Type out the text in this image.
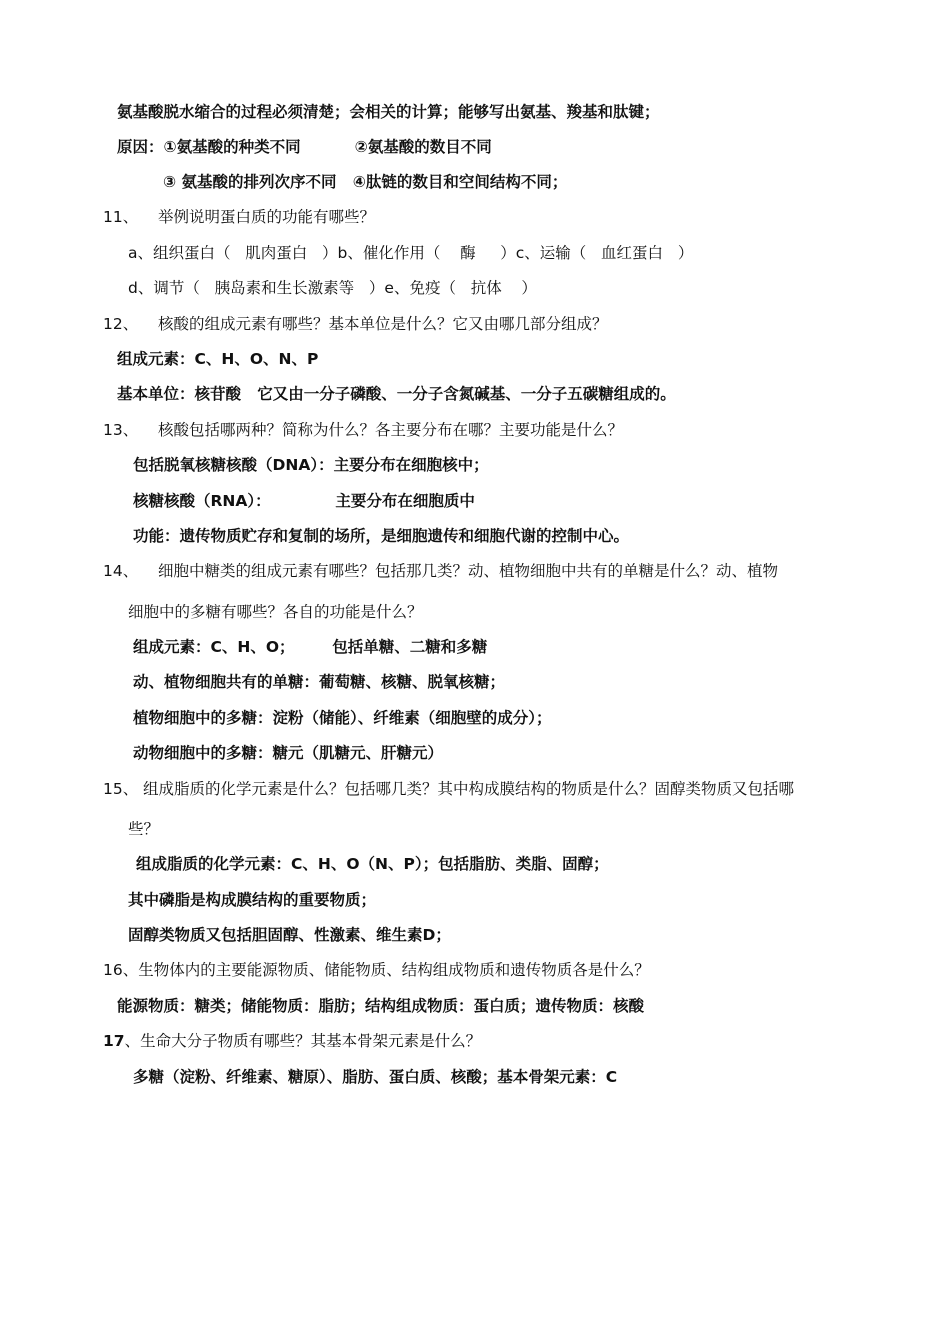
氨基酸脱水缩合的过程必须清楚；会相关的计算；能够写出氨基、羧基和肽键；
原因：①氨基酸的种类不同          ②氨基酸的数目不同
③ 氨基酸的排列次序不同   ④肽链的数目和空间结构不同；
11、 举例说明蛋白质的功能有哪些？
a、组织蛋白（   肌肉蛋白   ）b、催化作用（    酶     ）c、运输（   血红蛋白   ）
d、调节（   胰岛素和生长激素等   ）e、免疫（   抗体    ）
12、 核酸的组成元素有哪些？基本单位是什么？它又由哪几部分组成？
组成元素：C、H、O、N、P
基本单位：核苷酸   它又由一分子磷酸、一分子含氮碱基、一分子五碳糖组成的。
13、 核酸包括哪两种？简称为什么？各主要分布在哪？主要功能是什么？
包括脱氧核糖核酸（DNA）：主要分布在细胞核中；
核糖核酸（RNA）：            主要分布在细胞质中
功能：遗传物质贮存和复制的场所，是细胞遗传和细胞代谢的控制中心。
14、 细胞中糖类的组成元素有哪些？包括那几类？动、植物细胞中共有的单糖是什么？动、植物
细胞中的多糖有哪些？各自的功能是什么？
组成元素：C、H、O；       包括单糖、二糖和多糖
动、植物细胞共有的单糖：葡萄糖、核糖、脱氧核糖；
植物细胞中的多糖：淀粉（储能）、纤维素（细胞壁的成分）；
动物细胞中的多糖：糖元（肌糖元、肝糖元）
15、 组成脂质的化学元素是什么？包括哪几类？其中构成膜结构的物质是什么？固醇类物质又包括哪
些？
组成脂质的化学元素：C、H、O（N、P）；包括脂肪、类脂、固醇；
其中磷脂是构成膜结构的重要物质；
固醇类物质又包括胆固醇、性激素、维生素D；
16、生物体内的主要能源物质、储能物质、结构组成物质和遗传物质各是什么？
能源物质：糖类；储能物质：脂肪；结构组成物质：蛋白质；遗传物质：核酸
17、生命大分子物质有哪些？其基本骨架元素是什么？
多糖（淀粉、纤维素、糖原）、脂肪、蛋白质、核酸；基本骨架元素：C
